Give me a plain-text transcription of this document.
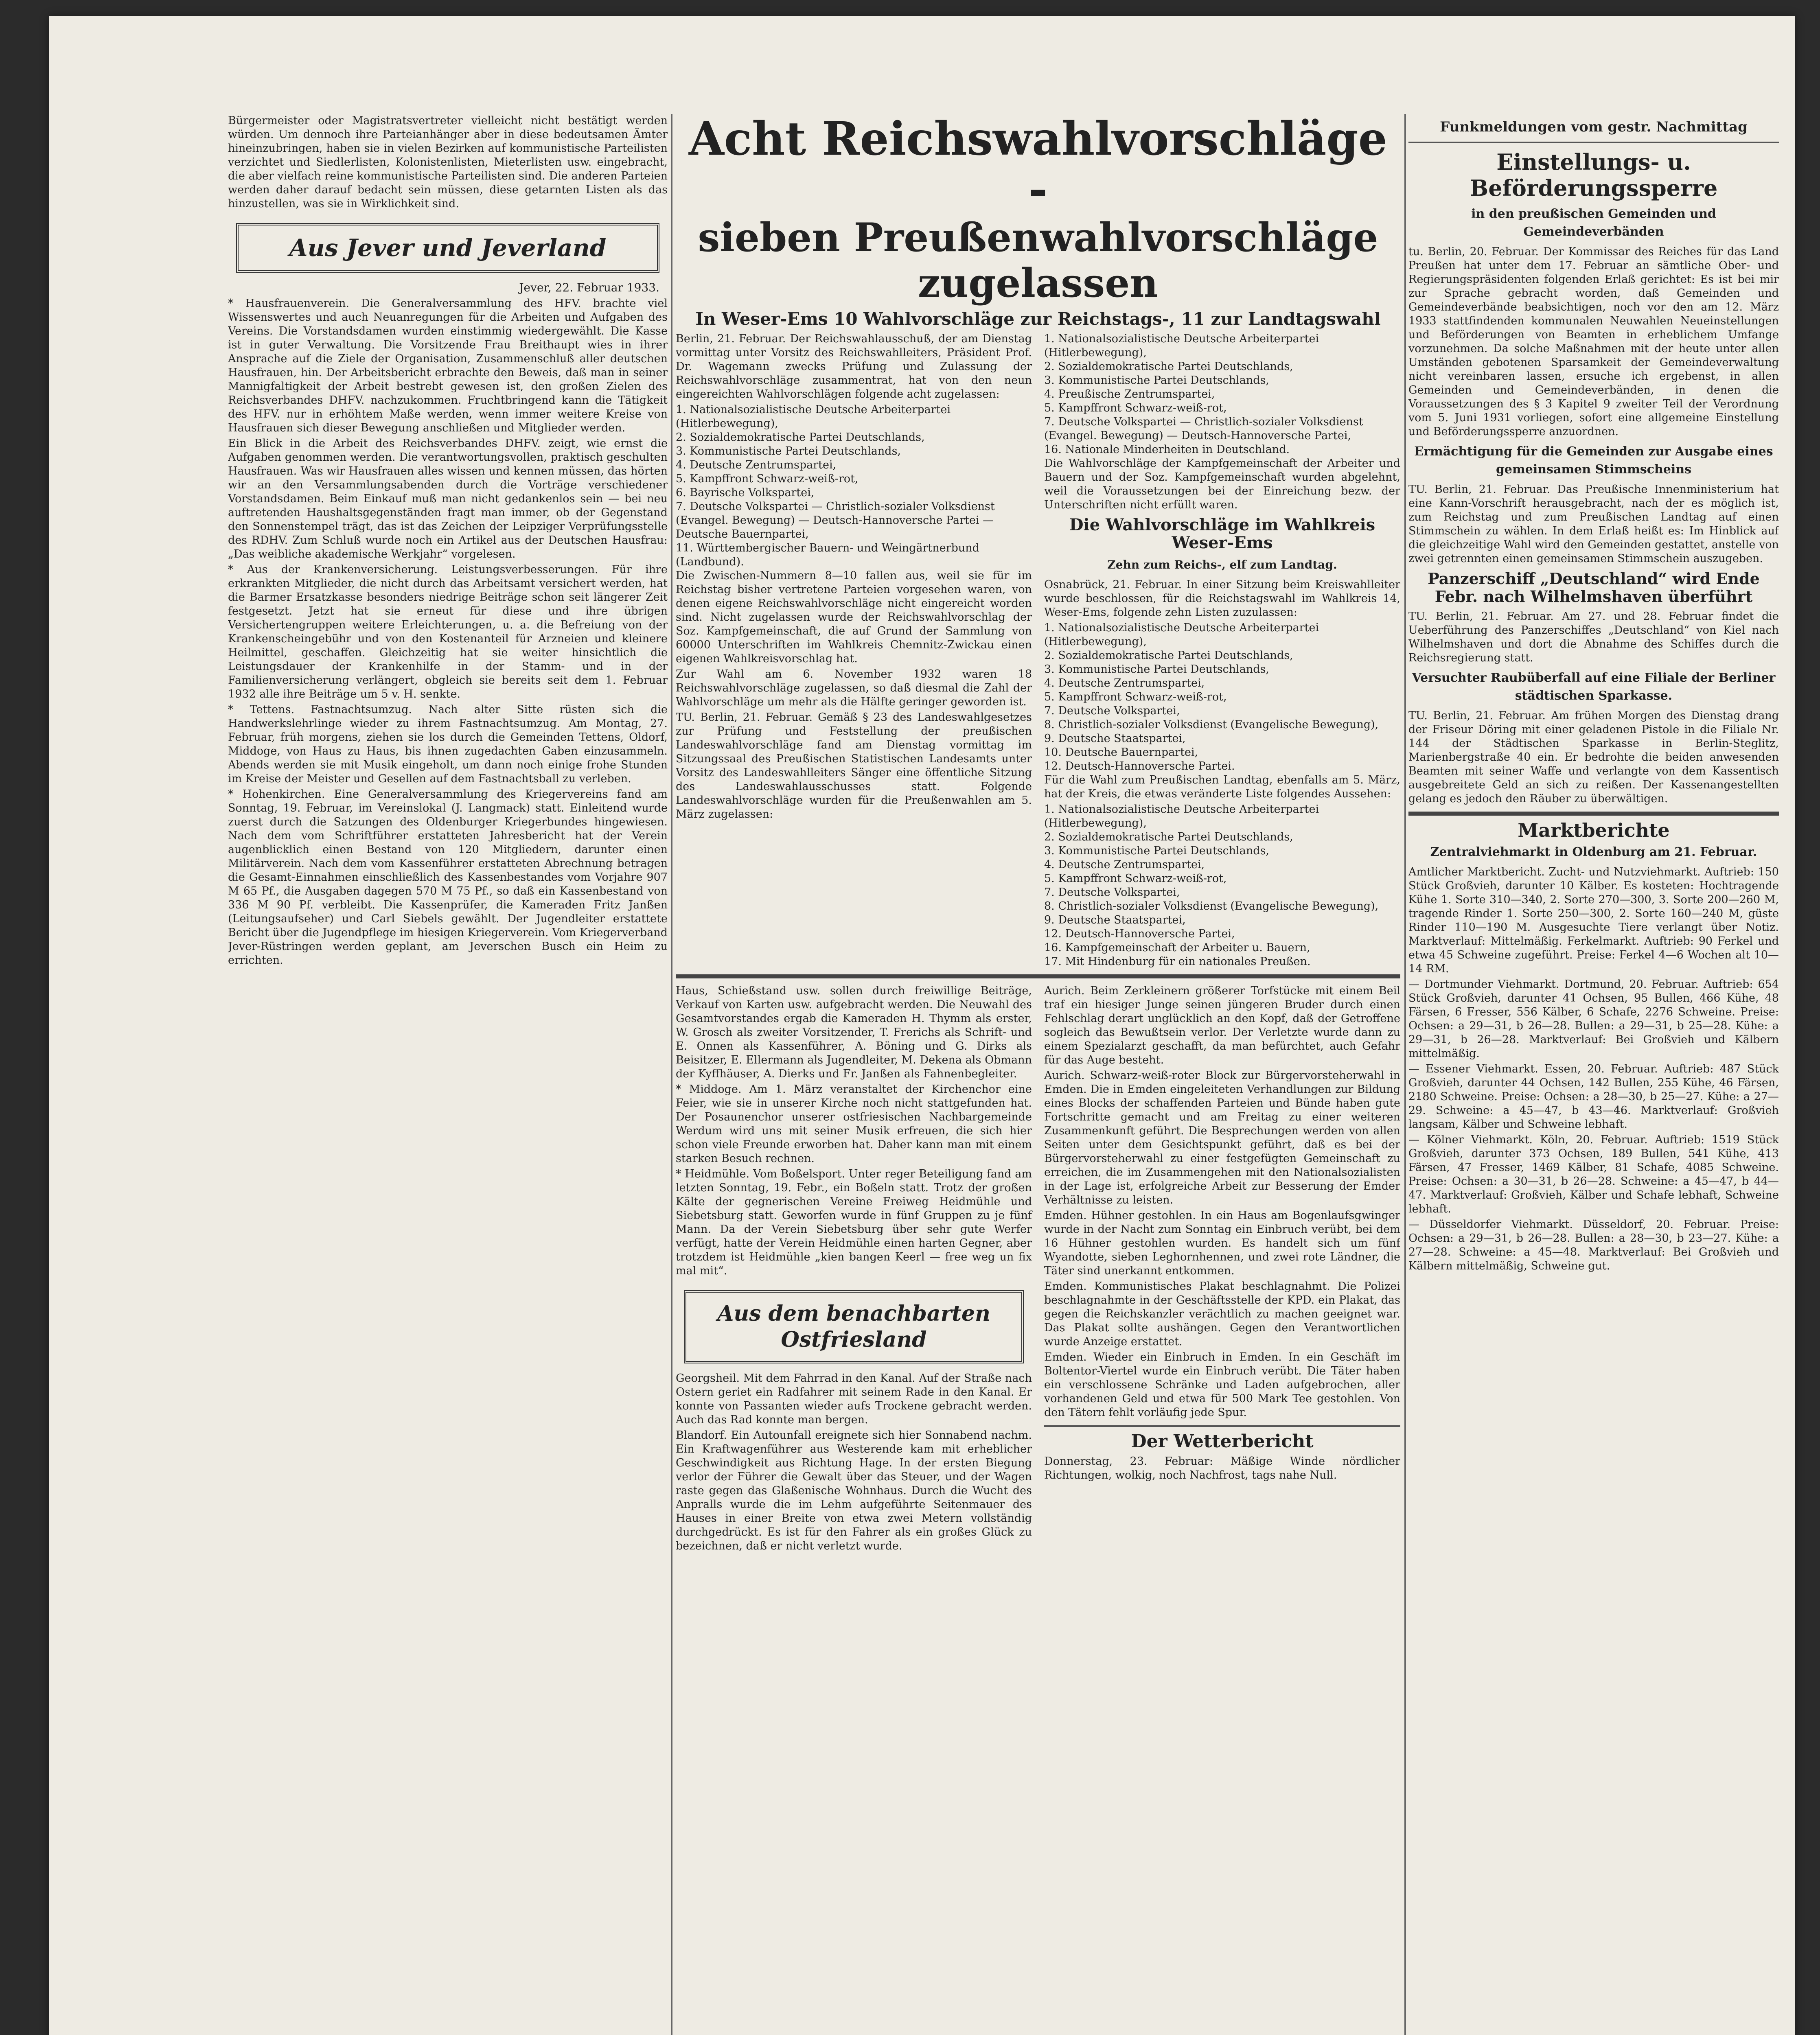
Bürgermeister oder Magistratsvertreter vielleicht nicht bestätigt werden würden. Um dennoch ihre Parteianhänger aber in diese bedeutsamen Ämter hineinzubringen, haben sie in vielen Bezirken auf kommunistische Parteilisten verzichtet und Siedlerlisten, Kolonistenlisten, Mieterlisten usw. eingebracht, die aber vielfach reine kommunistische Parteilisten sind. Die anderen Parteien werden daher darauf bedacht sein müssen, diese getarnten Listen als das hinzustellen, was sie in Wirklichkeit sind.

Aus Jever und Jeverland
Jever, 22. Februar 1933.

* Hausfrauenverein. Die Generalversammlung des HFV. brachte viel Wissenswertes und auch Neuanregungen für die Arbeiten und Aufgaben des Vereins. Die Vorstandsdamen wurden einstimmig wiedergewählt. Die Kasse ist in guter Verwaltung. Die Vorsitzende Frau Breithaupt wies in ihrer Ansprache auf die Ziele der Organisation, Zusammenschluß aller deutschen Hausfrauen, hin. Der Arbeitsbericht erbrachte den Beweis, daß man in seiner Mannigfaltigkeit der Arbeit bestrebt gewesen ist, den großen Zielen des Reichsverbandes DHFV. nachzukommen. Fruchtbringend kann die Tätigkeit des HFV. nur in erhöhtem Maße werden, wenn immer weitere Kreise von Hausfrauen sich dieser Bewegung anschließen und Mitglieder werden.

Ein Blick in die Arbeit des Reichsverbandes DHFV. zeigt, wie ernst die Aufgaben genommen werden. Die verantwortungsvollen, praktisch geschulten Hausfrauen. Was wir Hausfrauen alles wissen und kennen müssen, das hörten wir an den Versammlungsabenden durch die Vorträge verschiedener Vorstandsdamen. Beim Einkauf muß man nicht gedankenlos sein — bei neu auftretenden Haushaltsgegenständen fragt man immer, ob der Gegenstand den Sonnenstempel trägt, das ist das Zeichen der Leipziger Verprüfungsstelle des RDHV. Zum Schluß wurde noch ein Artikel aus der Deutschen Hausfrau: „Das weibliche akademische Werkjahr“ vorgelesen.

* Aus der Krankenversicherung. Leistungsverbesserungen. Für ihre erkrankten Mitglieder, die nicht durch das Arbeitsamt versichert werden, hat die Barmer Ersatzkasse besonders niedrige Beiträge schon seit längerer Zeit festgesetzt. Jetzt hat sie erneut für diese und ihre übrigen Versichertengruppen weitere Erleichterungen, u. a. die Befreiung von der Krankenscheingebühr und von den Kostenanteil für Arzneien und kleinere Heilmittel, geschaffen. Gleichzeitig hat sie weiter hinsichtlich die Leistungsdauer der Krankenhilfe in der Stamm- und in der Familienversicherung verlängert, obgleich sie bereits seit dem 1. Februar 1932 alle ihre Beiträge um 5 v. H. senkte.

* Tettens. Fastnachtsumzug. Nach alter Sitte rüsten sich die Handwerkslehrlinge wieder zu ihrem Fastnachtsumzug. Am Montag, 27. Februar, früh morgens, ziehen sie los durch die Gemeinden Tettens, Oldorf, Middoge, von Haus zu Haus, bis ihnen zugedachten Gaben einzusammeln. Abends werden sie mit Musik eingeholt, um dann noch einige frohe Stunden im Kreise der Meister und Gesellen auf dem Fastnachtsball zu verleben.

* Hohenkirchen. Eine Generalversammlung des Kriegervereins fand am Sonntag, 19. Februar, im Vereinslokal (J. Langmack) statt. Einleitend wurde zuerst durch die Satzungen des Oldenburger Kriegerbundes hingewiesen. Nach dem vom Schriftführer erstatteten Jahresbericht hat der Verein augenblicklich einen Bestand von 120 Mitgliedern, darunter einen Militärverein. Nach dem vom Kassenführer erstatteten Abrechnung betragen die Gesamt-Einnahmen einschließlich des Kassenbestandes vom Vorjahre 907 M 65 Pf., die Ausgaben dagegen 570 M 75 Pf., so daß ein Kassenbestand von 336 M 90 Pf. verbleibt. Die Kassenprüfer, die Kameraden Fritz Janßen (Leitungsaufseher) und Carl Siebels gewählt. Der Jugendleiter erstattete Bericht über die Jugendpflege im hiesigen Kriegerverein. Vom Kriegerverband Jever-Rüstringen werden geplant, am Jeverschen Busch ein Heim zu errichten.

Acht Reichswahlvorschläge -
sieben Preußenwahlvorschläge zugelassen
In Weser-Ems 10 Wahlvorschläge zur Reichstags-, 11 zur Landtagswahl

Berlin, 21. Februar. Der Reichswahlausschuß, der am Dienstag vormittag unter Vorsitz des Reichswahlleiters, Präsident Prof. Dr. Wagemann zwecks Prüfung und Zulassung der Reichswahlvorschläge zusammentrat, hat von den neun eingereichten Wahlvorschlägen folgende acht zugelassen:

1. Nationalsozialistische Deutsche Arbeiterpartei (Hitlerbewegung),
2. Sozialdemokratische Partei Deutschlands,
3. Kommunistische Partei Deutschlands,
4. Deutsche Zentrumspartei,
5. Kampffront Schwarz-weiß-rot,
6. Bayrische Volkspartei,
7. Deutsche Volkspartei — Christlich-sozialer Volksdienst (Evangel. Bewegung) — Deutsch-Hannoversche Partei — Deutsche Bauernpartei,
11. Württembergischer Bauern- und Weingärtnerbund (Landbund).

Die Zwischen-Nummern 8—10 fallen aus, weil sie für im Reichstag bisher vertretene Parteien vorgesehen waren, von denen eigene Reichswahlvorschläge nicht eingereicht worden sind. Nicht zugelassen wurde der Reichswahlvorschlag der Soz. Kampfgemeinschaft, die auf Grund der Sammlung von 60000 Unterschriften im Wahlkreis Chemnitz-Zwickau einen eigenen Wahlkreisvorschlag hat.

Zur Wahl am 6. November 1932 waren 18 Reichswahlvorschläge zugelassen, so daß diesmal die Zahl der Wahlvorschläge um mehr als die Hälfte geringer geworden ist.

TU. Berlin, 21. Februar. Gemäß § 23 des Landeswahlgesetzes zur Prüfung und Feststellung der preußischen Landeswahlvorschläge fand am Dienstag vormittag im Sitzungssaal des Preußischen Statistischen Landesamts unter Vorsitz des Landeswahlleiters Sänger eine öffentliche Sitzung des Landeswahlausschusses statt. Folgende Landeswahlvorschläge wurden für die Preußenwahlen am 5. März zugelassen:

1. Nationalsozialistische Deutsche Arbeiterpartei (Hitlerbewegung),
2. Sozialdemokratische Partei Deutschlands,
3. Kommunistische Partei Deutschlands,
4. Preußische Zentrumspartei,
5. Kampffront Schwarz-weiß-rot,
7. Deutsche Volkspartei — Christlich-sozialer Volksdienst (Evangel. Bewegung) — Deutsch-Hannoversche Partei,
16. Nationale Minderheiten in Deutschland.

Die Wahlvorschläge der Kampfgemeinschaft der Arbeiter und Bauern und der Soz. Kampfgemeinschaft wurden abgelehnt, weil die Voraussetzungen bei der Einreichung bezw. der Unterschriften nicht erfüllt waren.

Die Wahlvorschläge im Wahlkreis Weser-Ems
Zehn zum Reichs-, elf zum Landtag.

Osnabrück, 21. Februar. In einer Sitzung beim Kreiswahlleiter wurde beschlossen, für die Reichstagswahl im Wahlkreis 14, Weser-Ems, folgende zehn Listen zuzulassen:

1. Nationalsozialistische Deutsche Arbeiterpartei (Hitlerbewegung),
2. Sozialdemokratische Partei Deutschlands,
3. Kommunistische Partei Deutschlands,
4. Deutsche Zentrumspartei,
5. Kampffront Schwarz-weiß-rot,
7. Deutsche Volkspartei,
8. Christlich-sozialer Volksdienst (Evangelische Bewegung),
9. Deutsche Staatspartei,
10. Deutsche Bauernpartei,
12. Deutsch-Hannoversche Partei.

Für die Wahl zum Preußischen Landtag, ebenfalls am 5. März, hat der Kreis, die etwas veränderte Liste folgendes Aussehen:

1. Nationalsozialistische Deutsche Arbeiterpartei (Hitlerbewegung),
2. Sozialdemokratische Partei Deutschlands,
3. Kommunistische Partei Deutschlands,
4. Deutsche Zentrumspartei,
5. Kampffront Schwarz-weiß-rot,
7. Deutsche Volkspartei,
8. Christlich-sozialer Volksdienst (Evangelische Bewegung),
9. Deutsche Staatspartei,
12. Deutsch-Hannoversche Partei,
16. Kampfgemeinschaft der Arbeiter u. Bauern,
17. Mit Hindenburg für ein nationales Preußen.

Haus, Schießstand usw. sollen durch freiwillige Beiträge, Verkauf von Karten usw. aufgebracht werden. Die Neuwahl des Gesamtvorstandes ergab die Kameraden H. Thymm als erster, W. Grosch als zweiter Vorsitzender, T. Frerichs als Schrift- und E. Onnen als Kassenführer, A. Böning und G. Dirks als Beisitzer, E. Ellermann als Jugendleiter, M. Dekena als Obmann der Kyffhäuser, A. Dierks und Fr. Janßen als Fahnenbegleiter.

* Middoge. Am 1. März veranstaltet der Kirchenchor eine Feier, wie sie in unserer Kirche noch nicht stattgefunden hat. Der Posaunenchor unserer ostfriesischen Nachbargemeinde Werdum wird uns mit seiner Musik erfreuen, die sich hier schon viele Freunde erworben hat. Daher kann man mit einem starken Besuch rechnen.

* Heidmühle. Vom Boßelsport. Unter reger Beteiligung fand am letzten Sonntag, 19. Febr., ein Boßeln statt. Trotz der großen Kälte der gegnerischen Vereine Freiweg Heidmühle und Siebetsburg statt. Geworfen wurde in fünf Gruppen zu je fünf Mann. Da der Verein Siebetsburg über sehr gute Werfer verfügt, hatte der Verein Heidmühle einen harten Gegner, aber trotzdem ist Heidmühle „kien bangen Keerl — free weg un fix mal mit“.

Aus dem benachbarten Ostfriesland

Georgsheil. Mit dem Fahrrad in den Kanal. Auf der Straße nach Ostern geriet ein Radfahrer mit seinem Rade in den Kanal. Er konnte von Passanten wieder aufs Trockene gebracht werden. Auch das Rad konnte man bergen.

Blandorf. Ein Autounfall ereignete sich hier Sonnabend nachm. Ein Kraftwagenführer aus Westerende kam mit erheblicher Geschwindigkeit aus Richtung Hage. In der ersten Biegung verlor der Führer die Gewalt über das Steuer, und der Wagen raste gegen das Glaßenische Wohnhaus. Durch die Wucht des Anpralls wurde die im Lehm aufgeführte Seitenmauer des Hauses in einer Breite von etwa zwei Metern vollständig durchgedrückt. Es ist für den Fahrer als ein großes Glück zu bezeichnen, daß er nicht verletzt wurde.

Aurich. Beim Zerkleinern größerer Torfstücke mit einem Beil traf ein hiesiger Junge seinen jüngeren Bruder durch einen Fehlschlag derart unglücklich an den Kopf, daß der Getroffene sogleich das Bewußtsein verlor. Der Verletzte wurde dann zu einem Spezialarzt geschafft, da man befürchtet, auch Gefahr für das Auge besteht.

Aurich. Schwarz-weiß-roter Block zur Bürgervorsteherwahl in Emden. Die in Emden eingeleiteten Verhandlungen zur Bildung eines Blocks der schaffenden Parteien und Bünde haben gute Fortschritte gemacht und am Freitag zu einer weiteren Zusammenkunft geführt. Die Besprechungen werden von allen Seiten unter dem Gesichtspunkt geführt, daß es bei der Bürgervorsteherwahl zu einer festgefügten Gemeinschaft zu erreichen, die im Zusammengehen mit den Nationalsozialisten in der Lage ist, erfolgreiche Arbeit zur Besserung der Emder Verhältnisse zu leisten.

Emden. Hühner gestohlen. In ein Haus am Bogenlaufsgwinger wurde in der Nacht zum Sonntag ein Einbruch verübt, bei dem 16 Hühner gestohlen wurden. Es handelt sich um fünf Wyandotte, sieben Leghornhennen, und zwei rote Ländner, die Täter sind unerkannt entkommen.

Emden. Kommunistisches Plakat beschlagnahmt. Die Polizei beschlagnahmte in der Geschäftsstelle der KPD. ein Plakat, das gegen die Reichskanzler verächtlich zu machen geeignet war. Das Plakat sollte aushängen. Gegen den Verantwortlichen wurde Anzeige erstattet.

Emden. Wieder ein Einbruch in Emden. In ein Geschäft im Boltentor-Viertel wurde ein Einbruch verübt. Die Täter haben ein verschlossene Schränke und Laden aufgebrochen, aller vorhandenen Geld und etwa für 500 Mark Tee gestohlen. Von den Tätern fehlt vorläufig jede Spur.

Der Wetterbericht

Donnerstag, 23. Februar: Mäßige Winde nördlicher Richtungen, wolkig, noch Nachfrost, tags nahe Null.

Funkmeldungen vom gestr. Nachmittag
Einstellungs- u. Beförderungssperre
in den preußischen Gemeinden und Gemeindeverbänden

tu. Berlin, 20. Februar. Der Kommissar des Reiches für das Land Preußen hat unter dem 17. Februar an sämtliche Ober- und Regierungspräsidenten folgenden Erlaß gerichtet: Es ist bei mir zur Sprache gebracht worden, daß Gemeinden und Gemeindeverbände beabsichtigen, noch vor den am 12. März 1933 stattfindenden kommunalen Neuwahlen Neueinstellungen und Beförderungen von Beamten in erheblichem Umfange vorzunehmen. Da solche Maßnahmen mit der heute unter allen Umständen gebotenen Sparsamkeit der Gemeindeverwaltung nicht vereinbaren lassen, ersuche ich ergebenst, in allen Gemeinden und Gemeindeverbänden, in denen die Voraussetzungen des § 3 Kapitel 9 zweiter Teil der Verordnung vom 5. Juni 1931 vorliegen, sofort eine allgemeine Einstellung und Beförderungssperre anzuordnen.

Ermächtigung für die Gemeinden zur Ausgabe eines gemeinsamen Stimmscheins

TU. Berlin, 21. Februar. Das Preußische Innenministerium hat eine Kann-Vorschrift herausgebracht, nach der es möglich ist, zum Reichstag und zum Preußischen Landtag auf einen Stimmschein zu wählen. In dem Erlaß heißt es: Im Hinblick auf die gleichzeitige Wahl wird den Gemeinden gestattet, anstelle von zwei getrennten einen gemeinsamen Stimmschein auszugeben.

Panzerschiff „Deutschland“ wird Ende Febr. nach Wilhelmshaven überführt

TU. Berlin, 21. Februar. Am 27. und 28. Februar findet die Ueberführung des Panzerschiffes „Deutschland“ von Kiel nach Wilhelmshaven und dort die Abnahme des Schiffes durch die Reichsregierung statt.

Versuchter Raubüberfall auf eine Filiale der Berliner städtischen Sparkasse.

TU. Berlin, 21. Februar. Am frühen Morgen des Dienstag drang der Friseur Döring mit einer geladenen Pistole in die Filiale Nr. 144 der Städtischen Sparkasse in Berlin-Steglitz, Marienbergstraße 40 ein. Er bedrohte die beiden anwesenden Beamten mit seiner Waffe und verlangte von dem Kassentisch ausgebreitete Geld an sich zu reißen. Der Kassenangestellten gelang es jedoch den Räuber zu überwältigen.

Marktberichte
Zentralviehmarkt in Oldenburg am 21. Februar.

Amtlicher Marktbericht. Zucht- und Nutzviehmarkt. Auftrieb: 150 Stück Großvieh, darunter 10 Kälber. Es kosteten: Hochtragende Kühe 1. Sorte 310—340, 2. Sorte 270—300, 3. Sorte 200—260 M, tragende Rinder 1. Sorte 250—300, 2. Sorte 160—240 M, güste Rinder 110—190 M. Ausgesuchte Tiere verlangt über Notiz. Marktverlauf: Mittelmäßig. Ferkelmarkt. Auftrieb: 90 Ferkel und etwa 45 Schweine zugeführt. Preise: Ferkel 4—6 Wochen alt 10—14 RM.

— Dortmunder Viehmarkt. Dortmund, 20. Februar. Auftrieb: 654 Stück Großvieh, darunter 41 Ochsen, 95 Bullen, 466 Kühe, 48 Färsen, 6 Fresser, 556 Kälber, 6 Schafe, 2276 Schweine. Preise: Ochsen: a 29—31, b 26—28. Bullen: a 29—31, b 25—28. Kühe: a 29—31, b 26—28. Marktverlauf: Bei Großvieh und Kälbern mittelmäßig.

— Essener Viehmarkt. Essen, 20. Februar. Auftrieb: 487 Stück Großvieh, darunter 44 Ochsen, 142 Bullen, 255 Kühe, 46 Färsen, 2180 Schweine. Preise: Ochsen: a 28—30, b 25—27. Kühe: a 27—29. Schweine: a 45—47, b 43—46. Marktverlauf: Großvieh langsam, Kälber und Schweine lebhaft.

— Kölner Viehmarkt. Köln, 20. Februar. Auftrieb: 1519 Stück Großvieh, darunter 373 Ochsen, 189 Bullen, 541 Kühe, 413 Färsen, 47 Fresser, 1469 Kälber, 81 Schafe, 4085 Schweine. Preise: Ochsen: a 30—31, b 26—28. Schweine: a 45—47, b 44—47. Marktverlauf: Großvieh, Kälber und Schafe lebhaft, Schweine lebhaft.

— Düsseldorfer Viehmarkt. Düsseldorf, 20. Februar. Preise: Ochsen: a 29—31, b 26—28. Bullen: a 28—30, b 23—27. Kühe: a 27—28. Schweine: a 45—48. Marktverlauf: Bei Großvieh und Kälbern mittelmäßig, Schweine gut.
